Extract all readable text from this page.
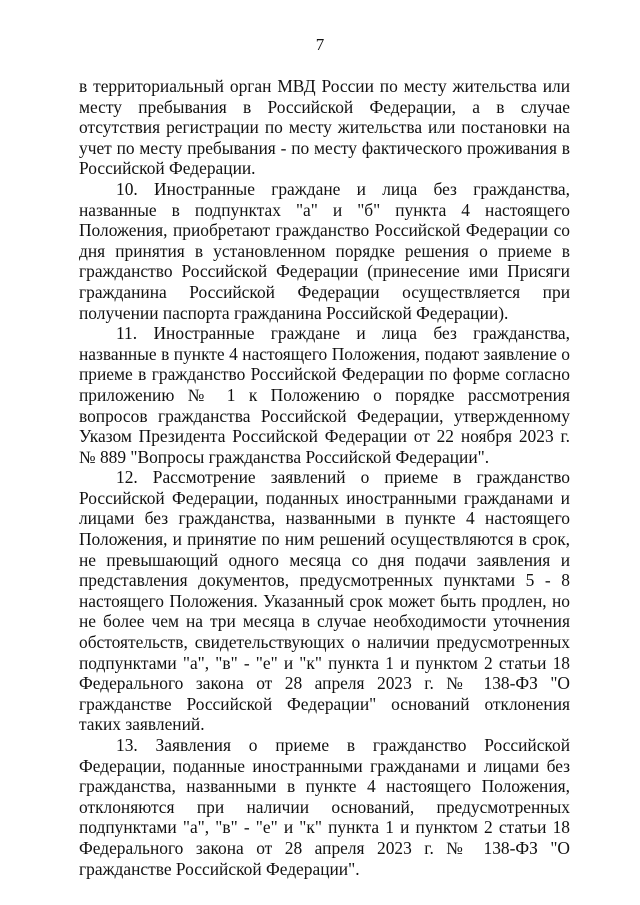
7

в территориальный орган МВД России по месту жительства или месту пребывания в Российской Федерации, а в случае отсутствия регистрации по месту жительства или постановки на учет по месту пребывания - по месту фактического проживания в Российской Федерации.

10. Иностранные граждане и лица без гражданства, названные в подпунктах "а" и "б" пункта 4 настоящего Положения, приобретают гражданство Российской Федерации со дня принятия в установленном порядке решения о приеме в гражданство Российской Федерации (принесение ими Присяги гражданина Российской Федерации осуществляется при получении паспорта гражданина Российской Федерации).

11. Иностранные граждане и лица без гражданства, названные в пункте 4 настоящего Положения, подают заявление о приеме в гражданство Российской Федерации по форме согласно приложению № 1 к Положению о порядке рассмотрения вопросов гражданства Российской Федерации, утвержденному Указом Президента Российской Федерации от 22 ноября 2023 г. № 889 "Вопросы гражданства Российской Федерации".

12. Рассмотрение заявлений о приеме в гражданство Российской Федерации, поданных иностранными гражданами и лицами без гражданства, названными в пункте 4 настоящего Положения, и принятие по ним решений осуществляются в срок, не превышающий одного месяца со дня подачи заявления и представления документов, предусмотренных пунктами 5 - 8 настоящего Положения. Указанный срок может быть продлен, но не более чем на три месяца в случае необходимости уточнения обстоятельств, свидетельствующих о наличии предусмотренных подпунктами "а", "в" - "е" и "к" пункта 1 и пунктом 2 статьи 18 Федерального закона от 28 апреля 2023 г. № 138-ФЗ "О гражданстве Российской Федерации" оснований отклонения таких заявлений.

13. Заявления о приеме в гражданство Российской Федерации, поданные иностранными гражданами и лицами без гражданства, названными в пункте 4 настоящего Положения, отклоняются при наличии оснований, предусмотренных подпунктами "а", "в" - "е" и "к" пункта 1 и пунктом 2 статьи 18 Федерального закона от 28 апреля 2023 г. № 138-ФЗ "О гражданстве Российской Федерации".
